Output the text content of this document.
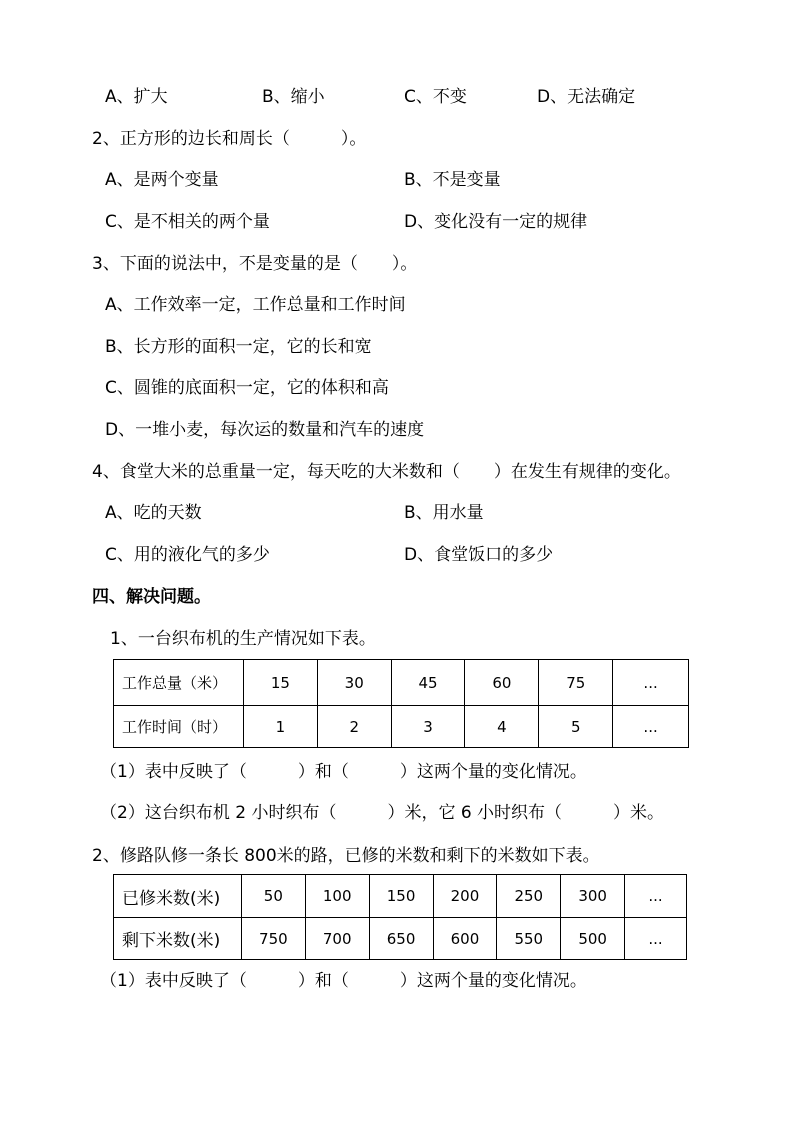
A、扩大	B、缩小	C、不变	D、无法确定
2、正方形的边长和周长（　　　）。
A、是两个变量	B、不是变量
C、是不相关的两个量	D、变化没有一定的规律
3、下面的说法中，不是变量的是（　　）。
A、工作效率一定，工作总量和工作时间
B、长方形的面积一定，它的长和宽
C、圆锥的底面积一定，它的体积和高
D、一堆小麦，每次运的数量和汽车的速度
4、食堂大米的总重量一定，每天吃的大米数和（　　）在发生有规律的变化。
A、吃的天数	B、用水量
C、用的液化气的多少	D、食堂饭口的多少
四、解决问题。
1、一台织布机的生产情况如下表。
工作总量（米）	15	30	45	60	75	...
工作时间（时）	1	2	3	4	5	...
（1）表中反映了（　　　）和（　　　）这两个量的变化情况。
（2）这台织布机 2 小时织布（　　　）米，它 6 小时织布（　　　）米。
2、修路队修一条长 800米的路，已修的米数和剩下的米数如下表。
已修米数(米)	50	100	150	200	250	300	...
剩下米数(米)	750	700	650	600	550	500	...
（1）表中反映了（　　　）和（　　　）这两个量的变化情况。
